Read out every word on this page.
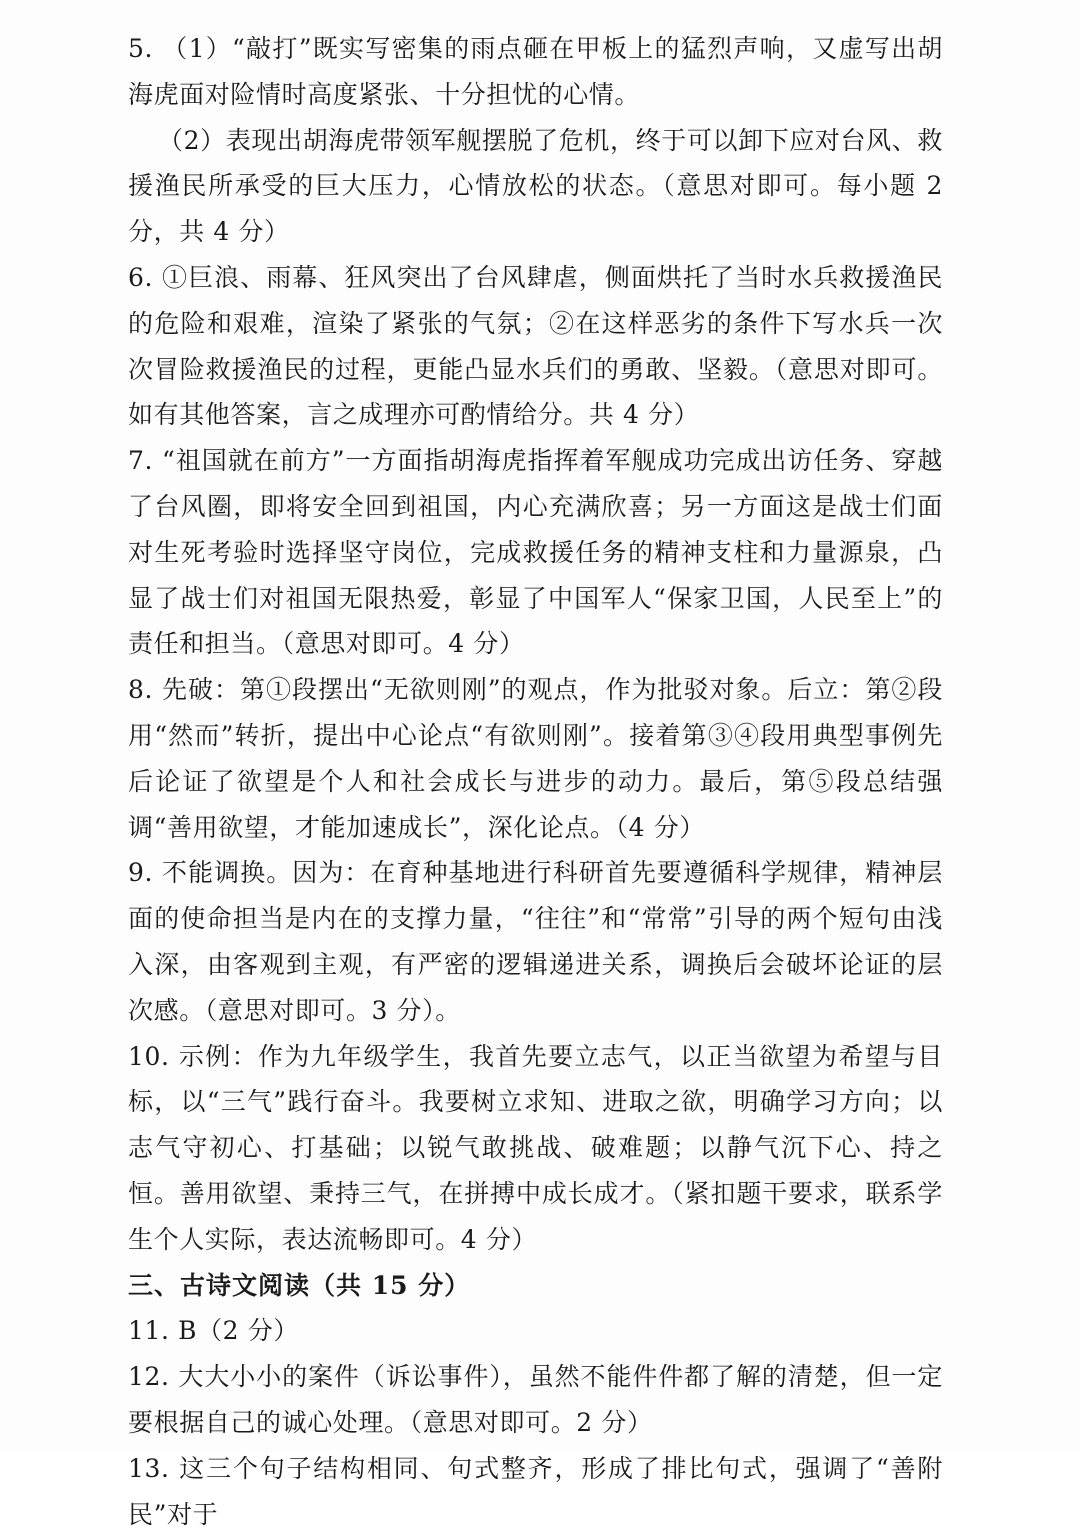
5. （1）“敲打”既实写密集的雨点砸在甲板上的猛烈声响，又虚写出胡海虎面对险情时高度紧张、十分担忧的心情。

（2）表现出胡海虎带领军舰摆脱了危机，终于可以卸下应对台风、救援渔民所承受的巨大压力，心情放松的状态。（意思对即可。每小题 2 分，共 4 分）

6. ①巨浪、雨幕、狂风突出了台风肆虐，侧面烘托了当时水兵救援渔民的危险和艰难，渲染了紧张的气氛；②在这样恶劣的条件下写水兵一次次冒险救援渔民的过程，更能凸显水兵们的勇敢、坚毅。（意思对即可。如有其他答案，言之成理亦可酌情给分。共 4 分）

7. “祖国就在前方”一方面指胡海虎指挥着军舰成功完成出访任务、穿越了台风圈，即将安全回到祖国，内心充满欣喜；另一方面这是战士们面对生死考验时选择坚守岗位，完成救援任务的精神支柱和力量源泉，凸显了战士们对祖国无限热爱，彰显了中国军人“保家卫国，人民至上”的责任和担当。（意思对即可。4 分）

8. 先破：第①段摆出“无欲则刚”的观点，作为批驳对象。后立：第②段用“然而”转折，提出中心论点“有欲则刚”。接着第③④段用典型事例先后论证了欲望是个人和社会成长与进步的动力。最后，第⑤段总结强调“善用欲望，才能加速成长”，深化论点。（4 分）

9. 不能调换。因为：在育种基地进行科研首先要遵循科学规律，精神层面的使命担当是内在的支撑力量，“往往”和“常常”引导的两个短句由浅入深，由客观到主观，有严密的逻辑递进关系，调换后会破坏论证的层次感。（意思对即可。3 分）。

10. 示例：作为九年级学生，我首先要立志气，以正当欲望为希望与目标，以“三气”践行奋斗。我要树立求知、进取之欲，明确学习方向；以志气守初心、打基础；以锐气敢挑战、破难题；以静气沉下心、持之恒。善用欲望、秉持三气，在拼搏中成长成才。（紧扣题干要求，联系学生个人实际，表达流畅即可。4 分）

三、古诗文阅读（共 15 分）

11. B（2 分）

12. 大大小小的案件（诉讼事件），虽然不能件件都了解的清楚，但一定要根据自己的诚心处理。（意思对即可。2 分）

13. 这三个句子结构相同、句式整齐，形成了排比句式，强调了“善附民”对于
